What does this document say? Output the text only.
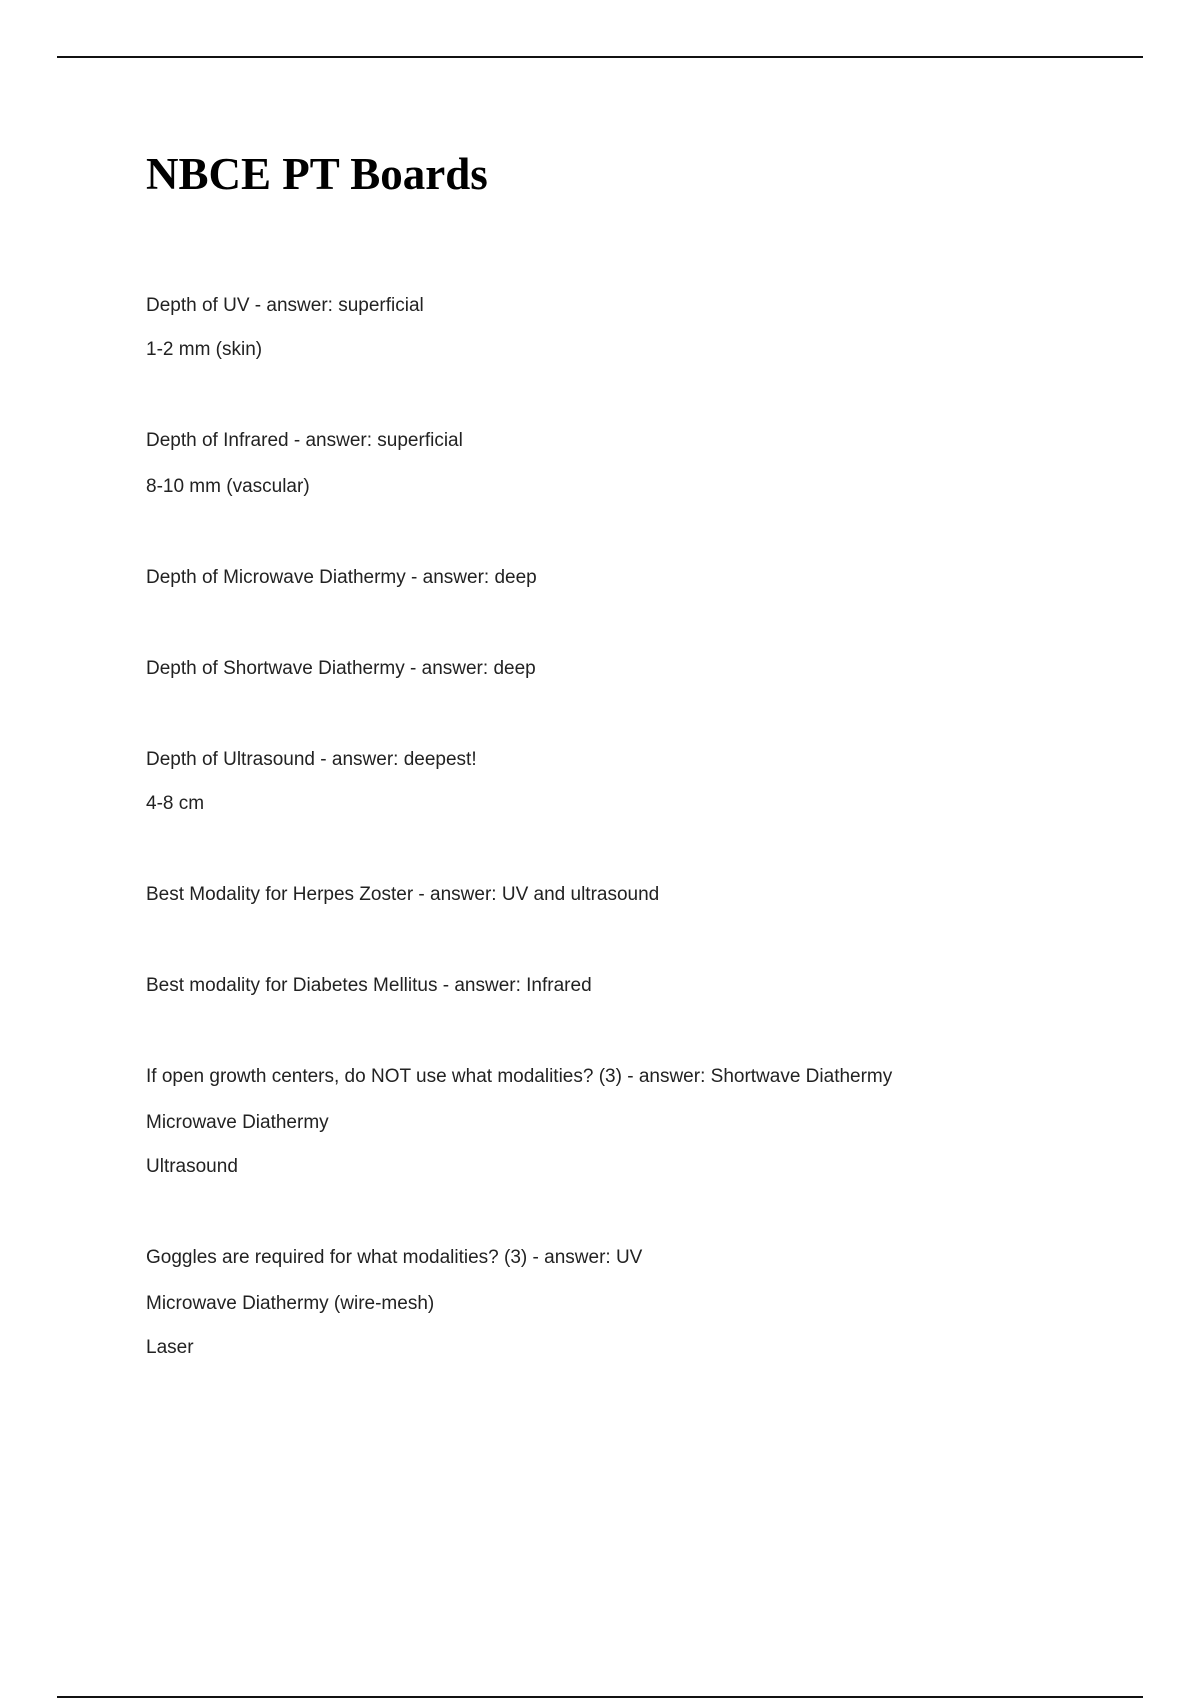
NBCE PT Boards

Depth of UV - answer: superficial

1-2 mm (skin)

Depth of Infrared - answer: superficial

8-10 mm (vascular)

Depth of Microwave Diathermy - answer: deep

Depth of Shortwave Diathermy - answer: deep

Depth of Ultrasound - answer: deepest!

4-8 cm

Best Modality for Herpes Zoster - answer: UV and ultrasound

Best modality for Diabetes Mellitus - answer: Infrared

If open growth centers, do NOT use what modalities? (3) - answer: Shortwave Diathermy

Microwave Diathermy

Ultrasound

Goggles are required for what modalities? (3) - answer: UV

Microwave Diathermy (wire-mesh)

Laser
